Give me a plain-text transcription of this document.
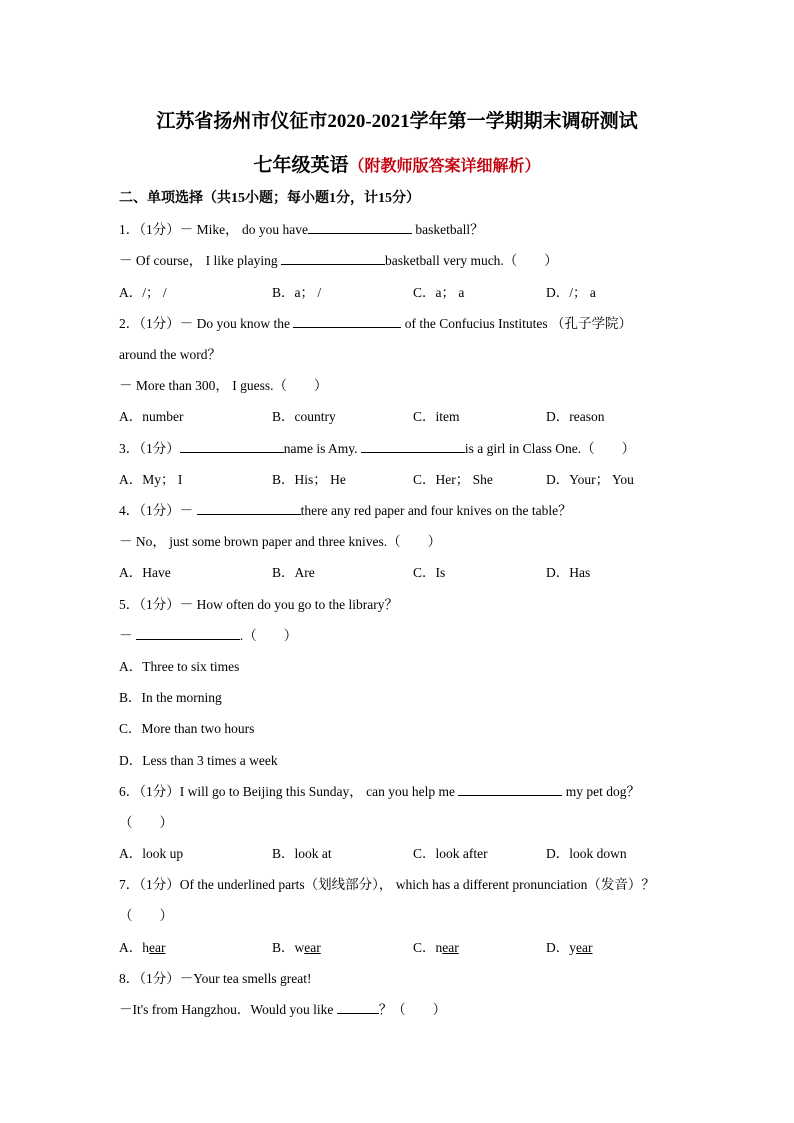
江苏省扬州市仪征市2020-2021学年第一学期期末调研测试
七年级英语（附教师版答案详细解析）
二、单项选择（共15小题；每小题1分，计15分）
1．（1分）－ Mike， do you have	basketball？
－ Of course， I like playing	basketball very much.（　　）
A．/； /	B．a； /	C．a； a	D．/； a
2．（1分）－ Do you know the	of the Confucius Institutes （孔子学院）
around the word？
－ More than 300， I guess.（　　）
A．number	B．country	C．item	D．reason
3．（1分）	name is Amy.	is a girl in Class One.（　　）
A．My； I	B．His； He	C．Her； She	D．Your； You
4．（1分）－	there any red paper and four knives on the table？
－ No， just some brown paper and three knives.（　　）
A．Have	B．Are	C．Is	D．Has
5．（1分）－ How often do you go to the library？
－	.（　　）
A．Three to six times
B．In the morning
C．More than two hours
D．Less than 3 times a week
6．（1分）I will go to Beijing this Sunday， can you help me	my pet dog？
（　　）
A．look up	B．look at	C．look after	D．look down
7．（1分）Of the underlined parts（划线部分）， which has a different pronunciation（发音）？
（　　）
A．hear	B．wear	C．near	D．year
8．（1分）－Your tea smells great!
－It's from Hangzhou．Would you like	？（　　）
